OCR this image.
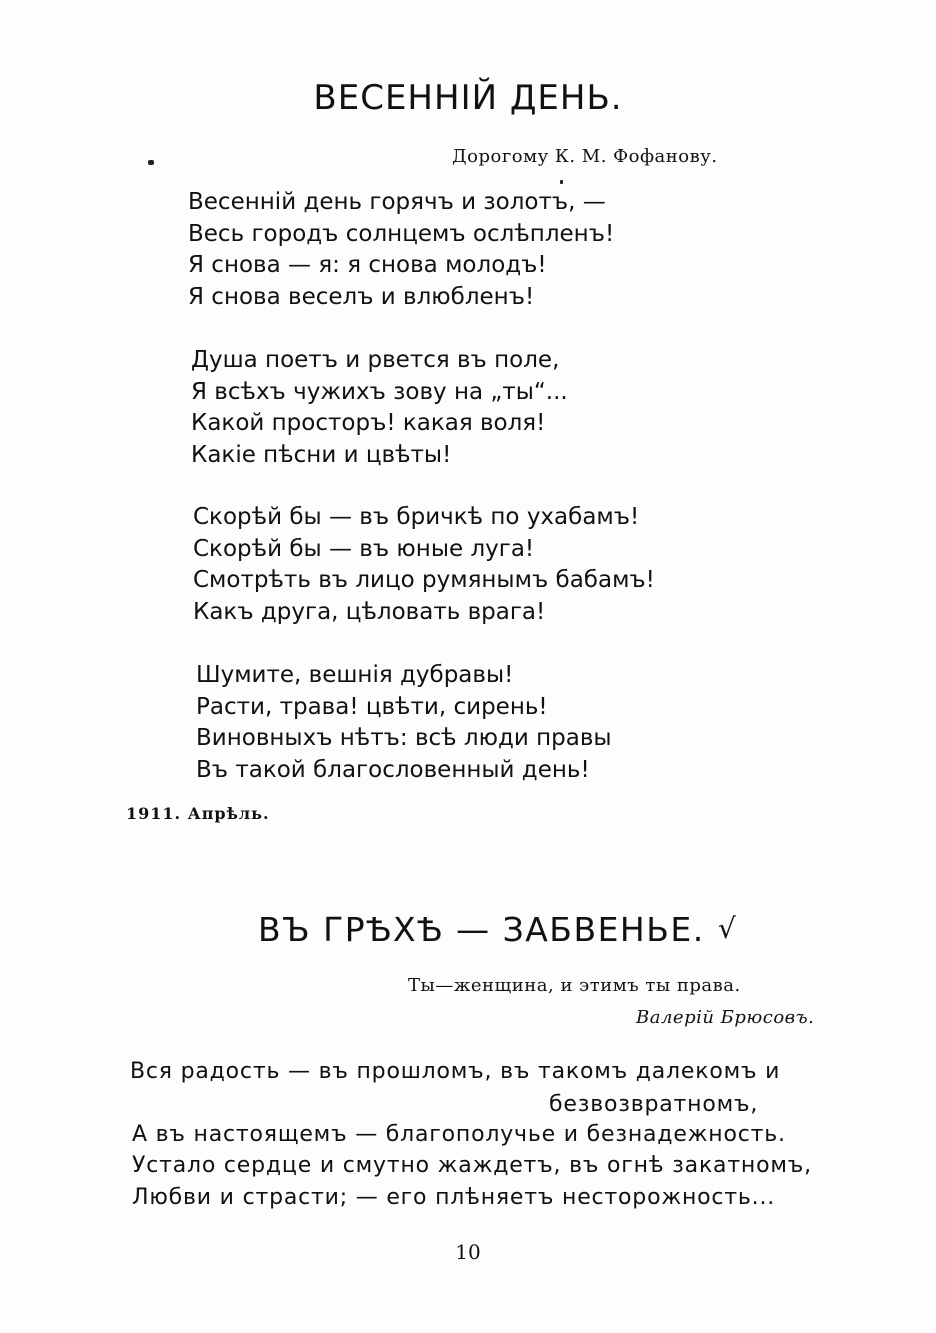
ВЕСЕННІЙ ДЕНЬ.
Дорогому К. М. Фофанову.
Весенній день горячъ и золотъ, —
Весь городъ солнцемъ ослѣпленъ!
Я снова — я: я снова молодъ!
Я снова веселъ и влюбленъ!
Душа поетъ и рвется въ поле,
Я всѣхъ чужихъ зову на „ты“...
Какой просторъ! какая воля!
Какіе пѣсни и цвѣты!
Скорѣй бы — въ бричкѣ по ухабамъ!
Скорѣй бы — въ юные луга!
Смотрѣть въ лицо румянымъ бабамъ!
Какъ друга, цѣловать врага!
Шумите, вешнія дубравы!
Расти, трава! цвѣти, сирень!
Виновныхъ нѣтъ: всѣ люди правы
Въ такой благословенный день!
1911. Апрѣль.
ВЪ ГРѢХѢ — ЗАБВЕНЬЕ. √
Ты—женщина, и этимъ ты права.
Валерій Брюсовъ.
Вся радость — въ прошломъ, въ такомъ далекомъ и
безвозвратномъ,
А въ настоящемъ — благополучье и безнадежность.
Устало сердце и смутно жаждетъ, въ огнѣ закатномъ,
Любви и страсти; — его плѣняетъ несторожность...
10
